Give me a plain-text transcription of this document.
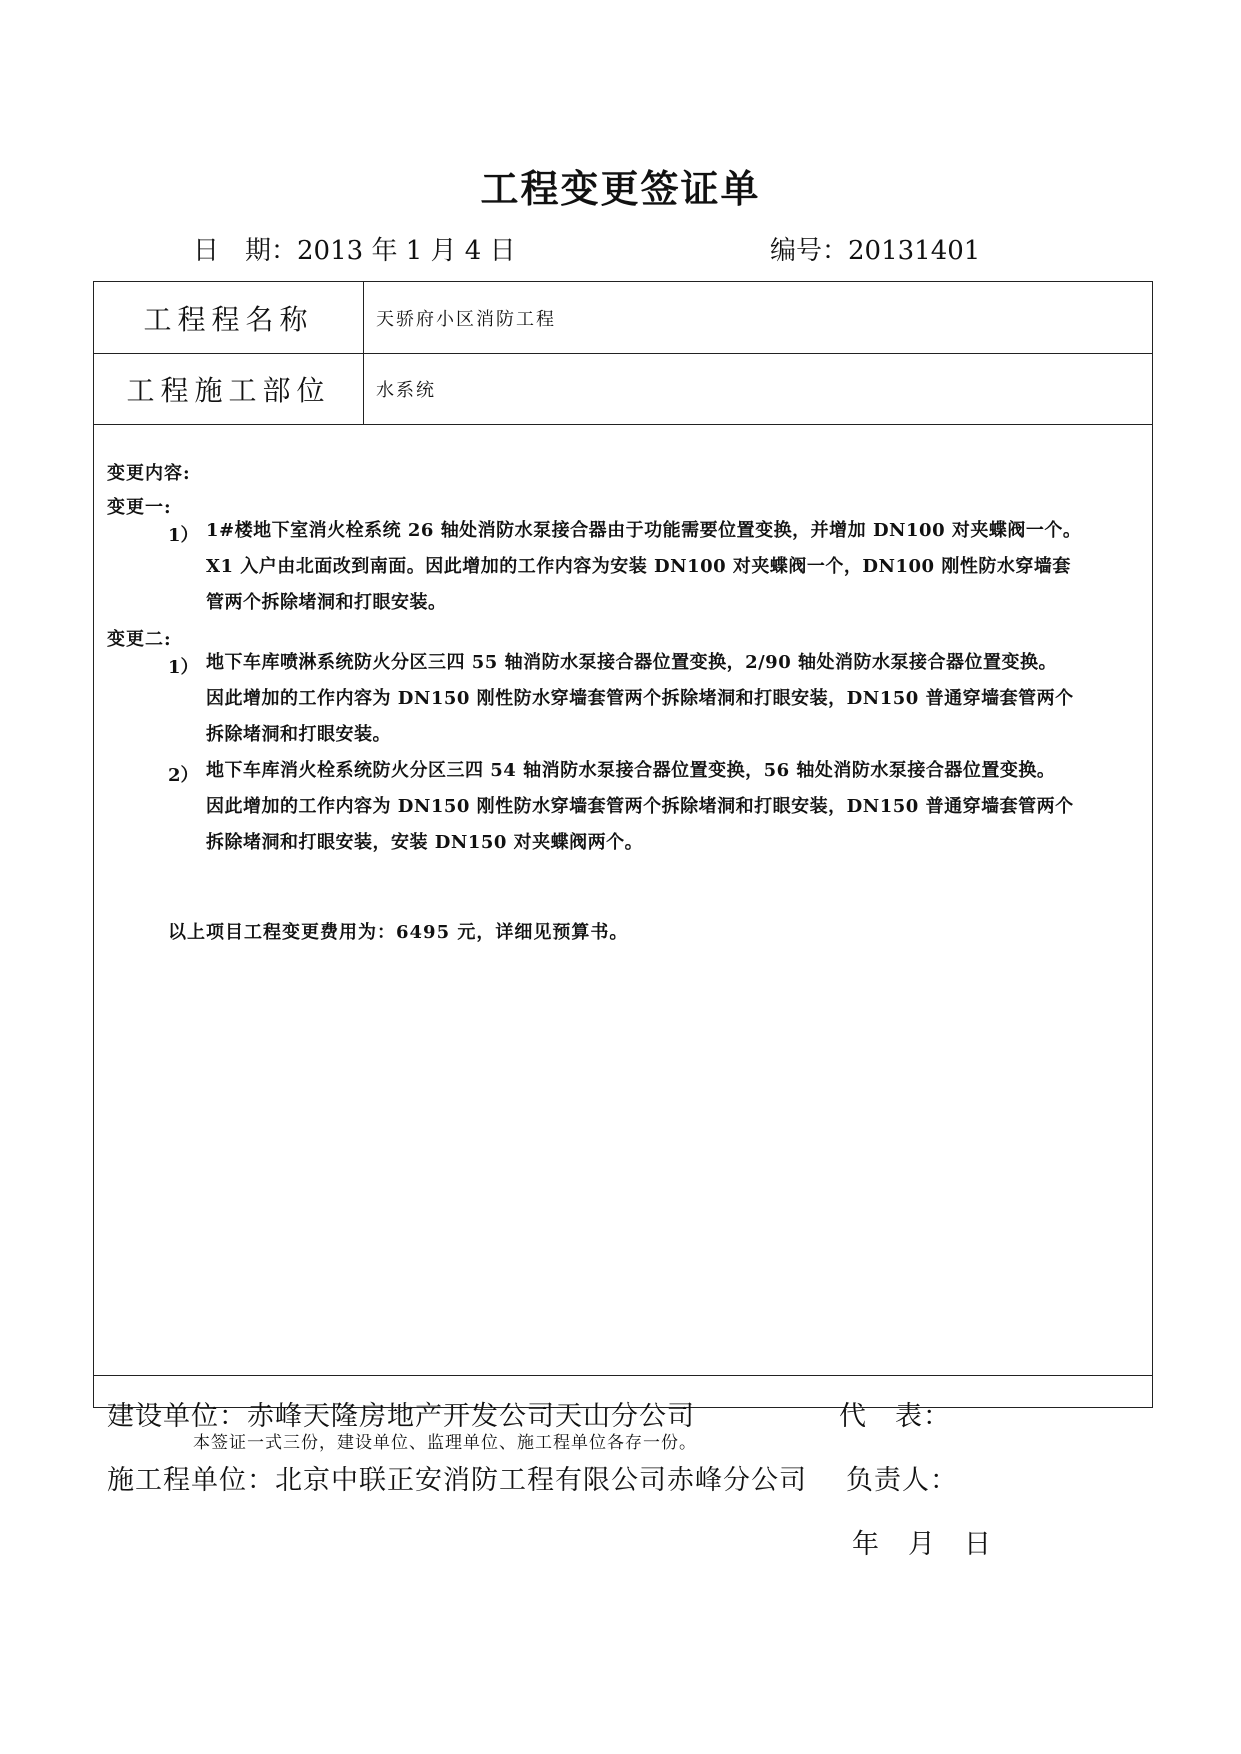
工程变更签证单
日　期：2013 年 1 月 4 日	编号：20131401
工程程名称	天骄府小区消防工程
工程施工部位	水系统
变更内容:
变更一:
1） 1#楼地下室消火栓系统 26 轴处消防水泵接合器由于功能需要位置变换，并增加 DN100 对夹蝶阀一个。
X1 入户由北面改到南面。因此增加的工作内容为安装 DN100 对夹蝶阀一个，DN100 刚性防水穿墙套
管两个拆除堵洞和打眼安装。
变更二:
1） 地下车库喷淋系统防火分区三四 55 轴消防水泵接合器位置变换，2/90 轴处消防水泵接合器位置变换。
因此增加的工作内容为 DN150 刚性防水穿墙套管两个拆除堵洞和打眼安装，DN150 普通穿墙套管两个
拆除堵洞和打眼安装。
2） 地下车库消火栓系统防火分区三四 54 轴消防水泵接合器位置变换，56 轴处消防水泵接合器位置变换。
因此增加的工作内容为 DN150 刚性防水穿墙套管两个拆除堵洞和打眼安装，DN150 普通穿墙套管两个
拆除堵洞和打眼安装，安装 DN150 对夹蝶阀两个。
以上项目工程变更费用为：6495 元，详细见预算书。
建设单位：赤峰天隆房地产开发公司天山分公司	代　表：
施工程单位：北京中联正安消防工程有限公司赤峰分公司 负责人：
年　月　日
本签证一式三份，建设单位、监理单位、施工程单位各存一份。
